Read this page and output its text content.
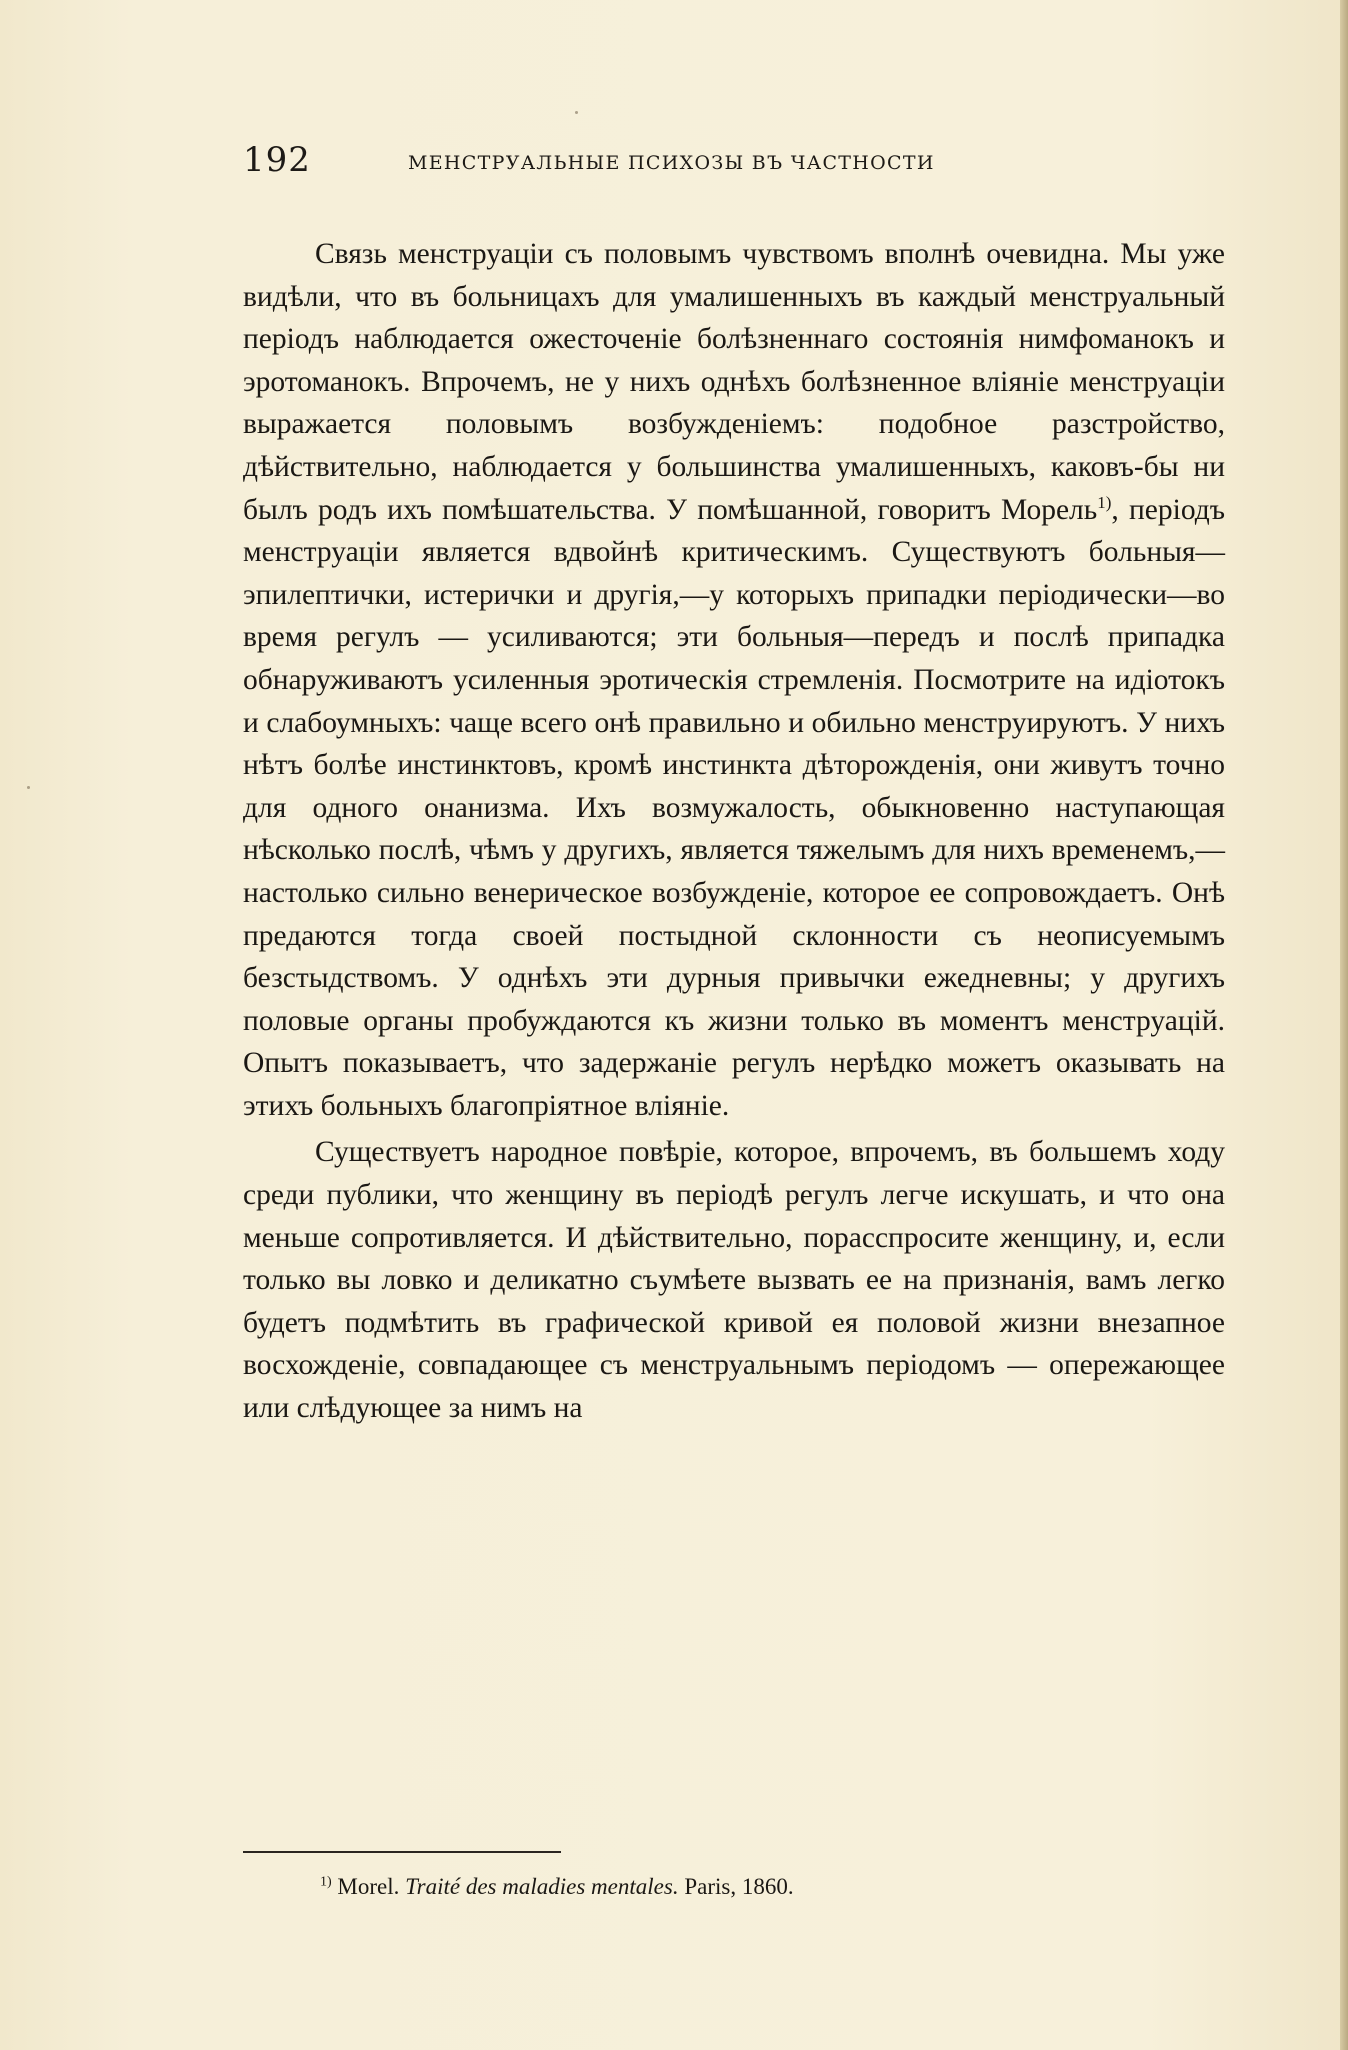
192	МЕНСТРУАЛЬНЫЕ ПСИХОЗЫ ВЪ ЧАСТНОСТИ

Связь менструаціи съ половымъ чувствомъ вполнѣ очевидна. Мы уже видѣли, что въ больницахъ для умалишенныхъ въ каждый менструальный періодъ наблюдается ожесточеніе болѣзненнаго состоянія нимфоманокъ и эротоманокъ. Впрочемъ, не у нихъ однѣхъ болѣзненное вліяніе менструаціи выражается половымъ возбужденіемъ: подобное разстройство, дѣйствительно, наблюдается у большинства умалишенныхъ, каковъ-бы ни былъ родъ ихъ помѣшательства. У помѣшанной, говоритъ Морель$^{1)}$, періодъ менструаціи является вдвойнѣ критическимъ. Существуютъ больныя—эпилептички, истерички и другія,—у которыхъ припадки періодически—во время регулъ — усиливаются; эти больныя—передъ и послѣ припадка обнаруживаютъ усиленныя эротическія стремленія. Посмотрите на идіотокъ и слабоумныхъ: чаще всего онѣ правильно и обильно менструируютъ. У нихъ нѣтъ болѣе инстинктовъ, кромѣ инстинкта дѣторожденія, они живутъ точно для одного онанизма. Ихъ возмужалость, обыкновенно наступающая нѣсколько послѣ, чѣмъ у другихъ, является тяжелымъ для нихъ временемъ,—настолько сильно венерическое возбужденіе, которое ее сопровождаетъ. Онѣ предаются тогда своей постыдной склонности съ неописуемымъ безстыдствомъ. У однѣхъ эти дурныя привычки ежедневны; у другихъ половые органы пробуждаются къ жизни только въ моментъ менструацій. Опытъ показываетъ, что задержаніе регулъ нерѣдко можетъ оказывать на этихъ больныхъ благопріятное вліяніе.

Существуетъ народное повѣріе, которое, впрочемъ, въ большемъ ходу среди публики, что женщину въ періодѣ регулъ легче искушать, и что она меньше сопротивляется. И дѣйствительно, порасспросите женщину, и, если только вы ловко и деликатно съумѣете вызвать ее на признанія, вамъ легко будетъ подмѣтить въ графической кривой ея половой жизни внезапное восхожденіе, совпадающее съ менструальнымъ періодомъ — опережающее или слѣдующее за нимъ на

$^{1)}$ Morel. Traité des maladies mentales. Paris, 1860.
